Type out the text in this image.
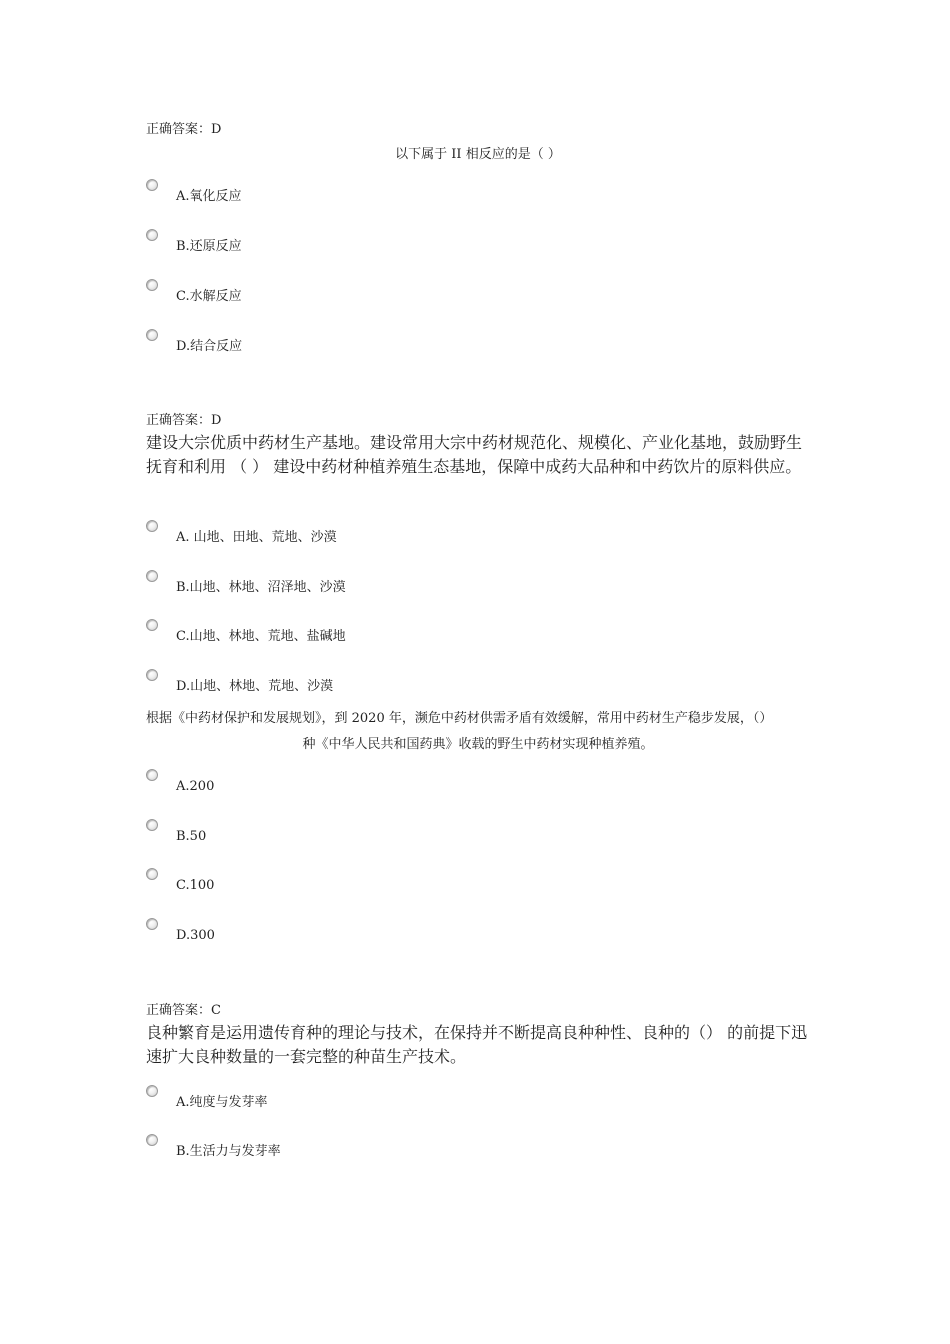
正确答案：D
以下属于 II 相反应的是（ ）
A.氧化反应
B.还原反应
C.水解反应
D.结合反应
正确答案：D
建设大宗优质中药材生产基地。建设常用大宗中药材规范化、规模化、产业化基地，鼓励野生抚育和利用 （ ） 建设中药材种植养殖生态基地，保障中成药大品种和中药饮片的原料供应。
A. 山地、田地、荒地、沙漠
B.山地、林地、沼泽地、沙漠
C.山地、林地、荒地、盐碱地
D.山地、林地、荒地、沙漠
根据《中药材保护和发展规划》，到 2020 年，濒危中药材供需矛盾有效缓解，常用中药材生产稳步发展，（）
种《中华人民共和国药典》收载的野生中药材实现种植养殖。
A.200
B.50
C.100
D.300
正确答案：C
良种繁育是运用遗传育种的理论与技术，在保持并不断提高良种种性、良种的（） 的前提下迅速扩大良种数量的一套完整的种苗生产技术。
A.纯度与发芽率
B.生活力与发芽率
